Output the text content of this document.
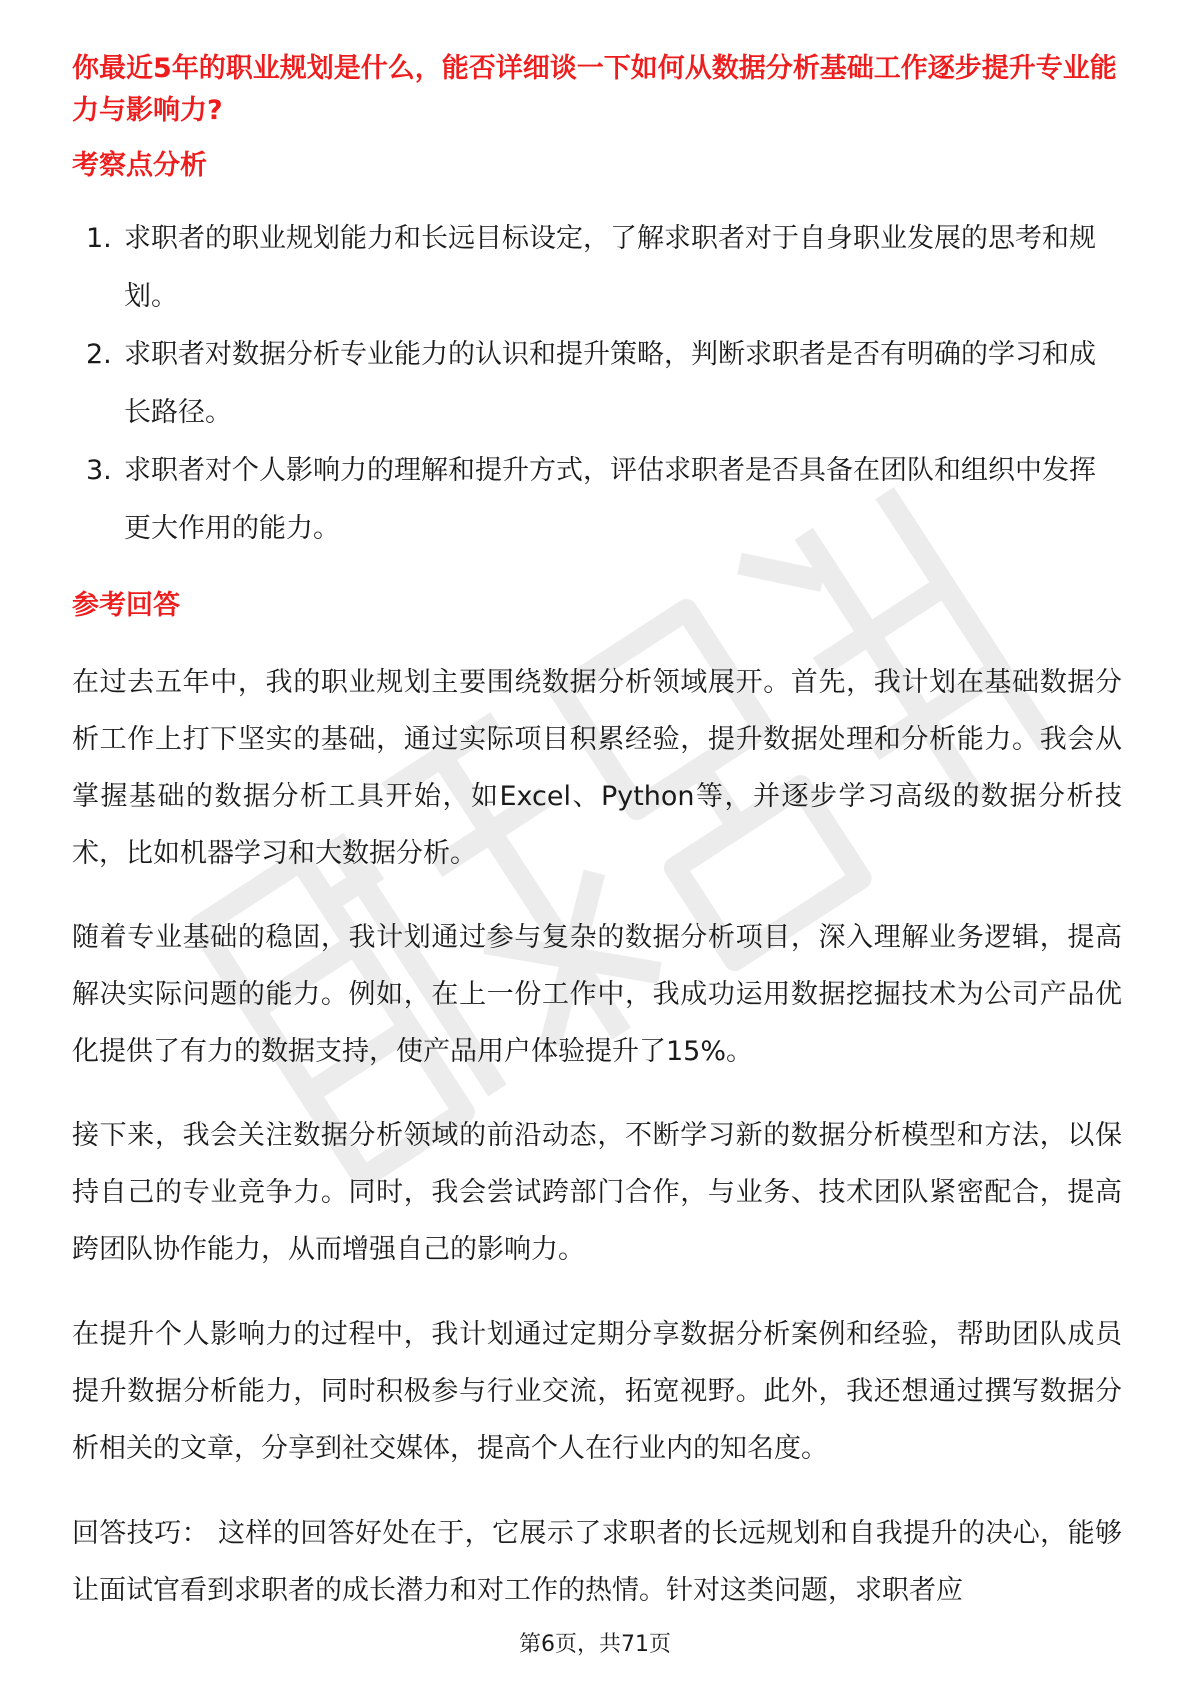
你最近5年的职业规划是什么，能否详细谈一下如何从数据分析基础工作逐步提升专业能力与影响力?
考察点分析
1. 求职者的职业规划能力和长远目标设定，了解求职者对于自身职业发展的思考和规划。
2. 求职者对数据分析专业能力的认识和提升策略，判断求职者是否有明确的学习和成长路径。
3. 求职者对个人影响力的理解和提升方式，评估求职者是否具备在团队和组织中发挥更大作用的能力。
参考回答

在过去五年中，我的职业规划主要围绕数据分析领域展开。首先，我计划在基础数据分析工作上打下坚实的基础，通过实际项目积累经验，提升数据处理和分析能力。我会从掌握基础的数据分析工具开始，如Excel、Python等，并逐步学习高级的数据分析技术，比如机器学习和大数据分析。

随着专业基础的稳固，我计划通过参与复杂的数据分析项目，深入理解业务逻辑，提高解决实际问题的能力。例如，在上一份工作中，我成功运用数据挖掘技术为公司产品优化提供了有力的数据支持，使产品用户体验提升了15%。

接下来，我会关注数据分析领域的前沿动态，不断学习新的数据分析模型和方法，以保持自己的专业竞争力。同时，我会尝试跨部门合作，与业务、技术团队紧密配合，提高跨团队协作能力，从而增强自己的影响力。

在提升个人影响力的过程中，我计划通过定期分享数据分析案例和经验，帮助团队成员提升数据分析能力，同时积极参与行业交流，拓宽视野。此外，我还想通过撰写数据分析相关的文章，分享到社交媒体，提高个人在行业内的知名度。

回答技巧： 这样的回答好处在于，它展示了求职者的长远规划和自我提升的决心，能够让面试官看到求职者的成长潜力和对工作的热情。针对这类问题，求职者应

第6页，共71页
